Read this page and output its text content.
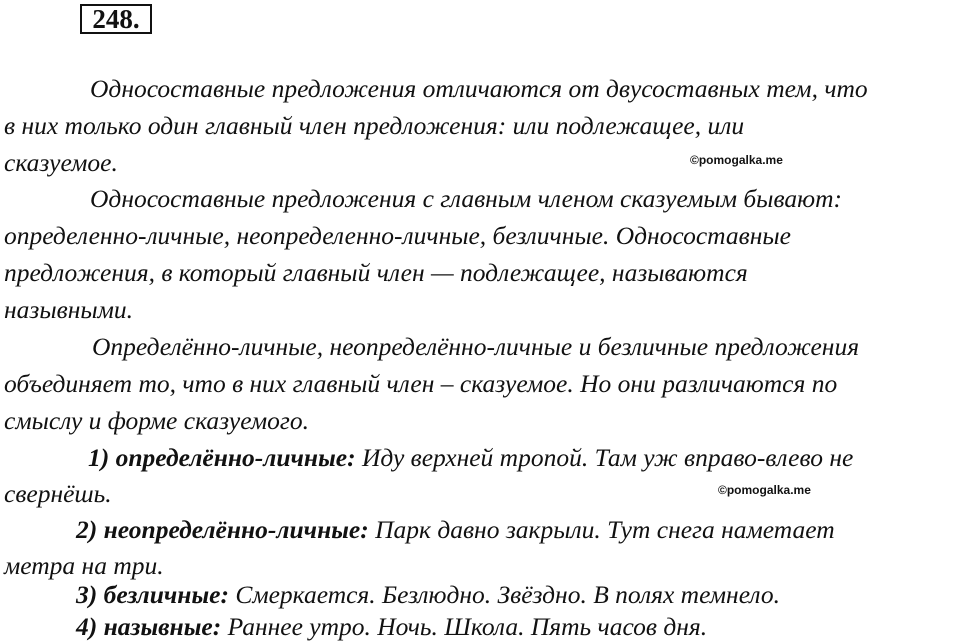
248.
Односоставные предложения отличаются от двусоставных тем, что
в них только один главный член предложения: или подлежащее, или
сказуемое.	©pomogalka.me
Односоставные предложения с главным членом сказуемым бывают:
определенно-личные, неопределенно-личные, безличные. Односоставные
предложения, в который главный член — подлежащее, называются
назывными.
Определённо-личные, неопределённо-личные и безличные предложения
объединяет то, что в них главный член – сказуемое. Но они различаются по
смыслу и форме сказуемого.
1) определённо-личные: Иду верхней тропой. Там уж вправо-влево не
свернёшь.	©pomogalka.me
2) неопределённо-личные: Парк давно закрыли. Тут снега наметает
метра на три.
3) безличные: Смеркается. Безлюдно. Звёздно. В полях темнело.
4) назывные: Раннее утро. Ночь. Школа. Пять часов дня.
